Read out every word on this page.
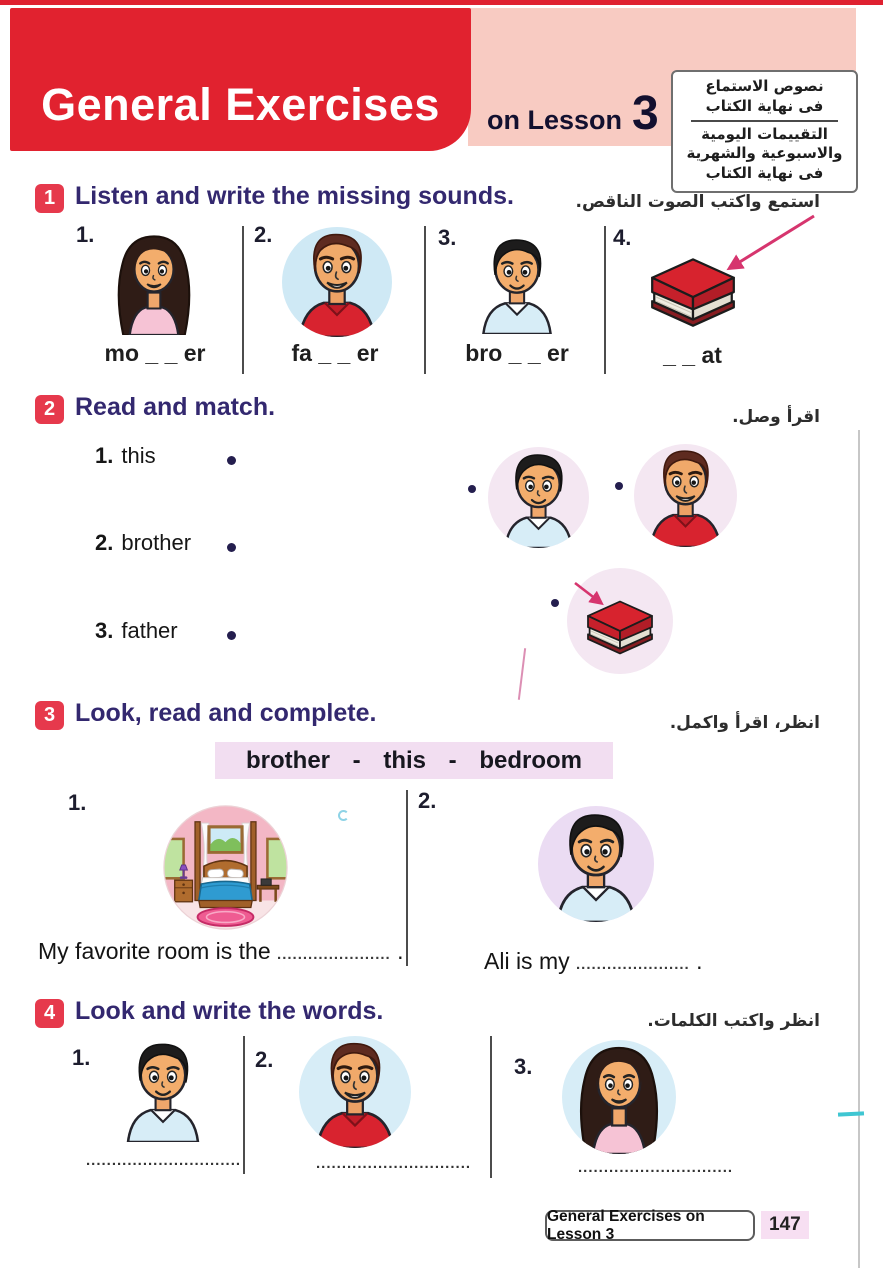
General Exercises on Lesson 3
نصوص الاستماع
فى نهاية الكتاب
التقييمات اليومية
والاسبوعية والشهرية
فى نهاية الكتاب
1 Listen and write the missing sounds.	استمع واكتب الصوت الناقص.
1.	2.	3.	4.
mo _ _ er	fa _ _ er	bro _ _ er	_ _ at
2 Read and match.	اقرأ وصل.
1. this
2. brother
3. father
3 Look, read and complete.	انظر، اقرأ واكمل.
brother - this - bedroom
1.	2.
My favorite room is the ...................... .	Ali is my ...................... .
4 Look and write the words.	انظر واكتب الكلمات.
1.	2.	3.
..............................	..............................	..............................
General Exercises on Lesson 3	147
